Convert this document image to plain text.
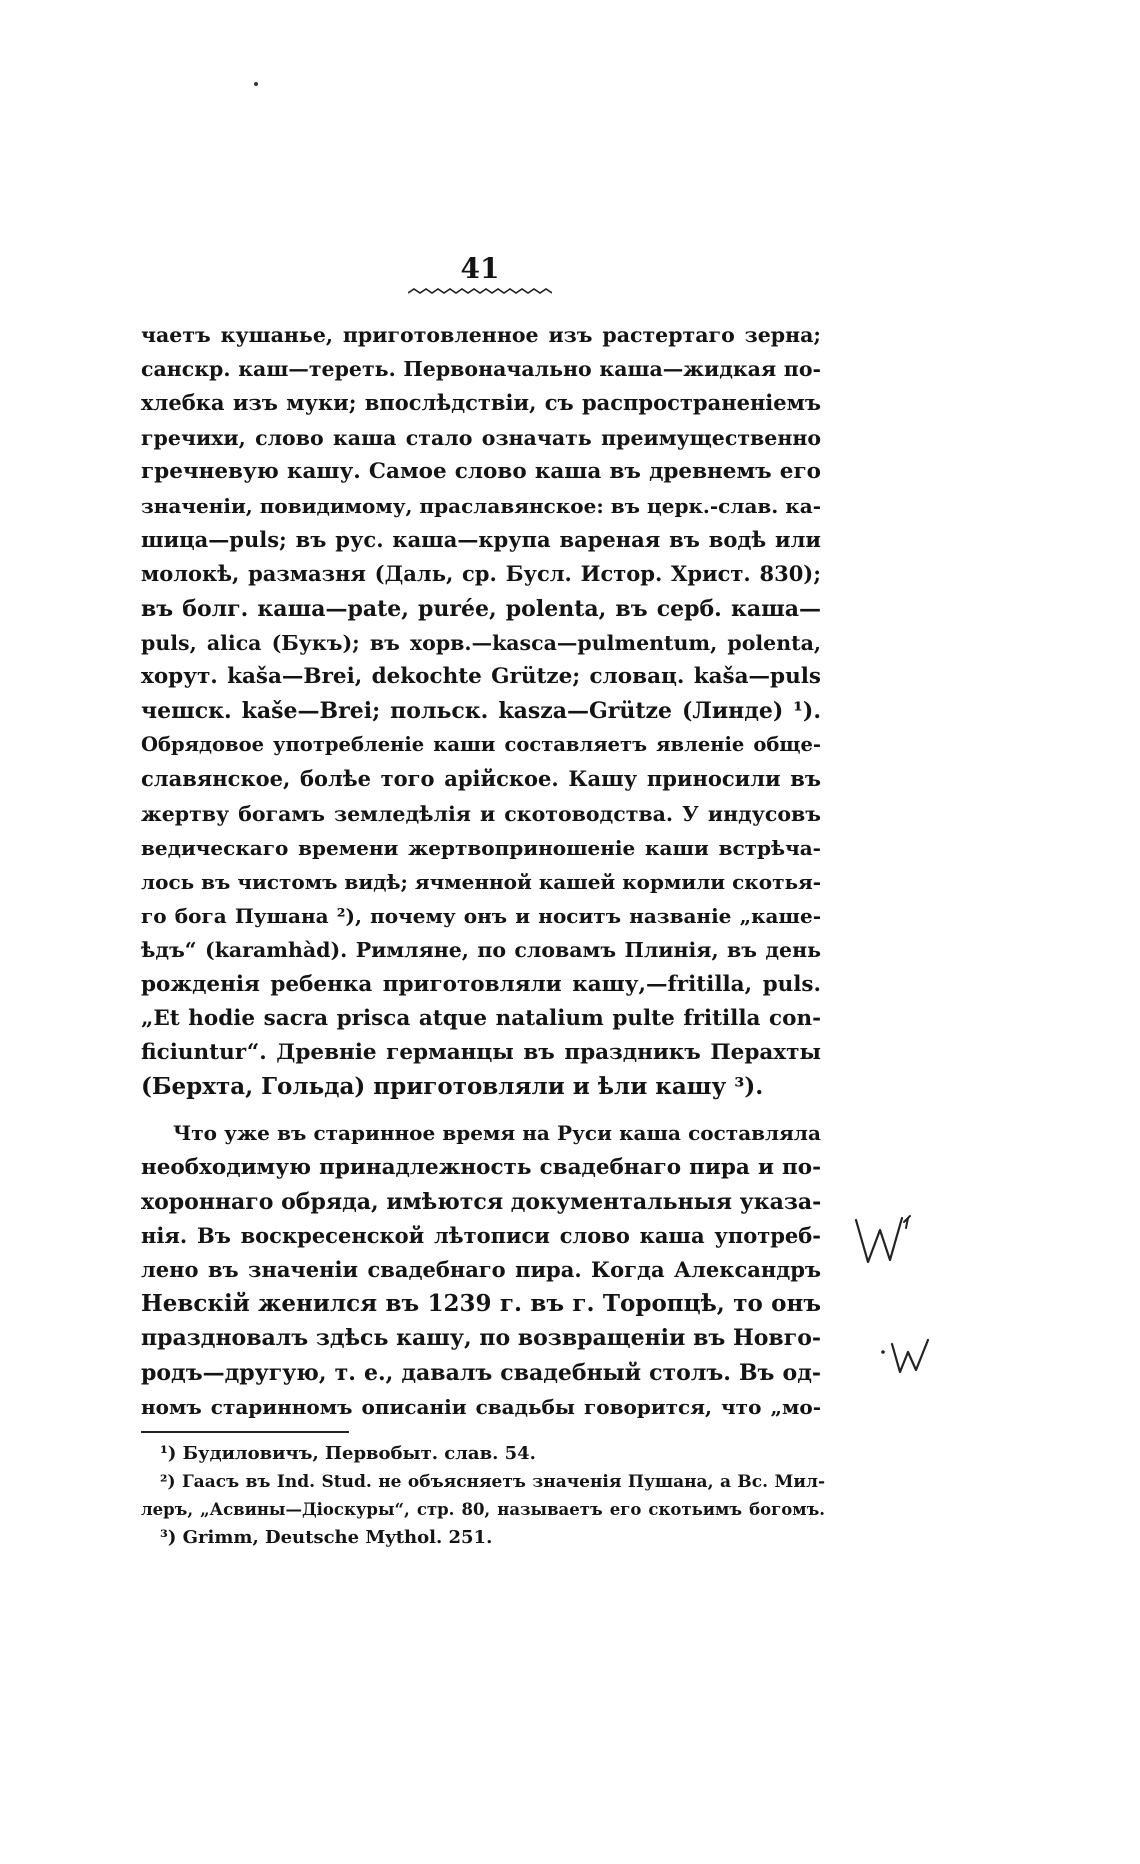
41
чаетъ кушанье, приготовленное изъ растертаго зерна;
санскр. каш—тереть. Первоначально каша—жидкая по-
хлебка изъ муки; впослѣдствіи, съ распространеніемъ
гречихи, слово каша стало означать преимущественно
гречневую кашу. Самое слово каша въ древнемъ его
значеніи, повидимому, праславянское: въ церк.-слав. ка-
шица—puls; въ рус. каша—крупа вареная въ водѣ или
молокѣ, размазня (Даль, ср. Бусл. Истор. Христ. 830);
въ болг. каша—pate, purée, polenta, въ серб. каша—
puls, alica (Букъ); въ хорв.—kasca—pulmentum, polenta,
хорут. kaša—Brei, dekochte Grütze; словац. kaša—puls
чешск. kaše—Brei; польск. kasza—Grütze (Линде) ¹).
Обрядовое употребленіе каши составляетъ явленіе обще-
славянское, болѣе того арійское. Кашу приносили въ
жертву богамъ земледѣлія и скотоводства. У индусовъ
ведическаго времени жертвоприношеніе каши встрѣча-
лось въ чистомъ видѣ; ячменной кашей кормили скотья-
го бога Пушана ²), почему онъ и носитъ названіе „каше-
ѣдъ“ (karamhàd). Римляне, по словамъ Плинія, въ день
рожденія ребенка приготовляли кашу,—fritilla, puls.
„Et hodie sacra prisca atque natalium pulte fritilla con-
ficiuntur“. Древніе германцы въ праздникъ Перахты
(Берхта, Гольда) приготовляли и ѣли кашу ³).
Что уже въ старинное время на Руси каша составляла
необходимую принадлежность свадебнаго пира и по-
хороннаго обряда, имѣются документальныя указа-
нія. Въ воскресенской лѣтописи слово каша употреб-
лено въ значеніи свадебнаго пира. Когда Александръ
Невскій женился въ 1239 г. въ г. Торопцѣ, то онъ
праздновалъ здѣсь кашу, по возвращеніи въ Новго-
родъ—другую, т. е., давалъ свадебный столъ. Въ од-
номъ старинномъ описаніи свадьбы говорится, что „мо-
¹) Будиловичъ, Первобыт. слав. 54.
²) Гаасъ въ Ind. Stud. не объясняетъ значенія Пушана, а Вс. Мил-
леръ, „Асвины—Діоскуры“, стр. 80, называетъ его скотьимъ богомъ.
³) Grimm, Deutsche Mythol. 251.
